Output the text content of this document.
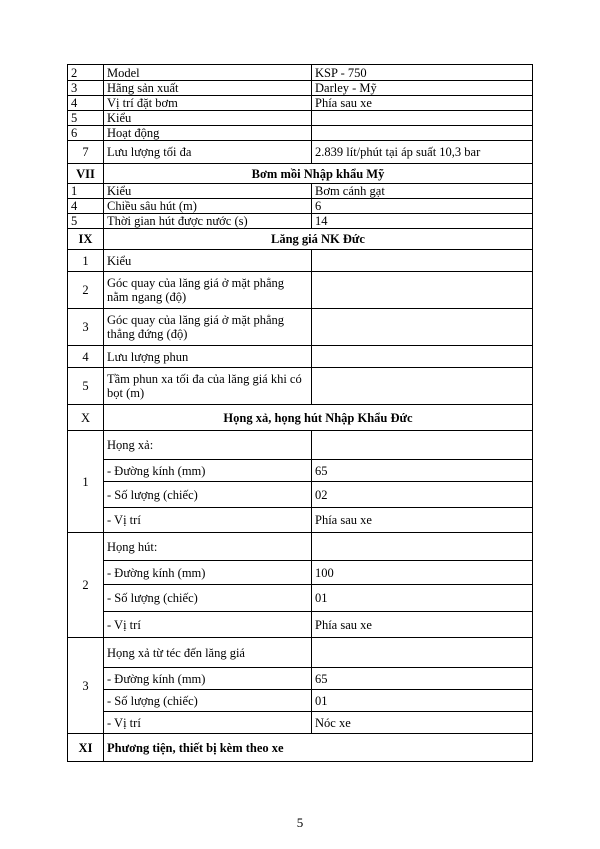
2	Model	KSP - 750
3	Hãng sản xuất	Darley - Mỹ
4	Vị trí đặt bơm	Phía sau xe
5	Kiểu	
6	Hoạt động	
7	Lưu lượng tối đa	2.839 lít/phút tại áp suất 10,3 bar
VII	Bơm mồi Nhập khẩu Mỹ	
1	Kiểu	Bơm cánh gạt
4	Chiều sâu hút (m)	6
5	Thời gian hút được nước (s)	14
IX	Lăng giá NK Đức	
1	Kiểu	
2	Góc quay của lăng giá ở mặt phẳng
nằm ngang (độ)	

3	Góc quay của lăng giá ở mặt phẳng
thẳng đứng (độ)	

4	Lưu lượng phun	
5	Tầm phun xa tối đa của lăng giá khi có
bọt (m)	

X	Họng xả, họng hút Nhập Khẩu Đức	
1	Họng xả:	
	- Đường kính (mm)	65
	- Số lượng (chiếc)	02
	- Vị trí	Phía sau xe
2	Họng hút:	
	- Đường kính (mm)	100
	- Số lượng (chiếc)	01
	- Vị trí	Phía sau xe
3	Họng xả từ téc đến lăng giá	
	- Đường kính (mm)	65
	- Số lượng (chiếc)	01
	- Vị trí	Nóc xe
XI	Phương tiện, thiết bị kèm theo xe	
5
